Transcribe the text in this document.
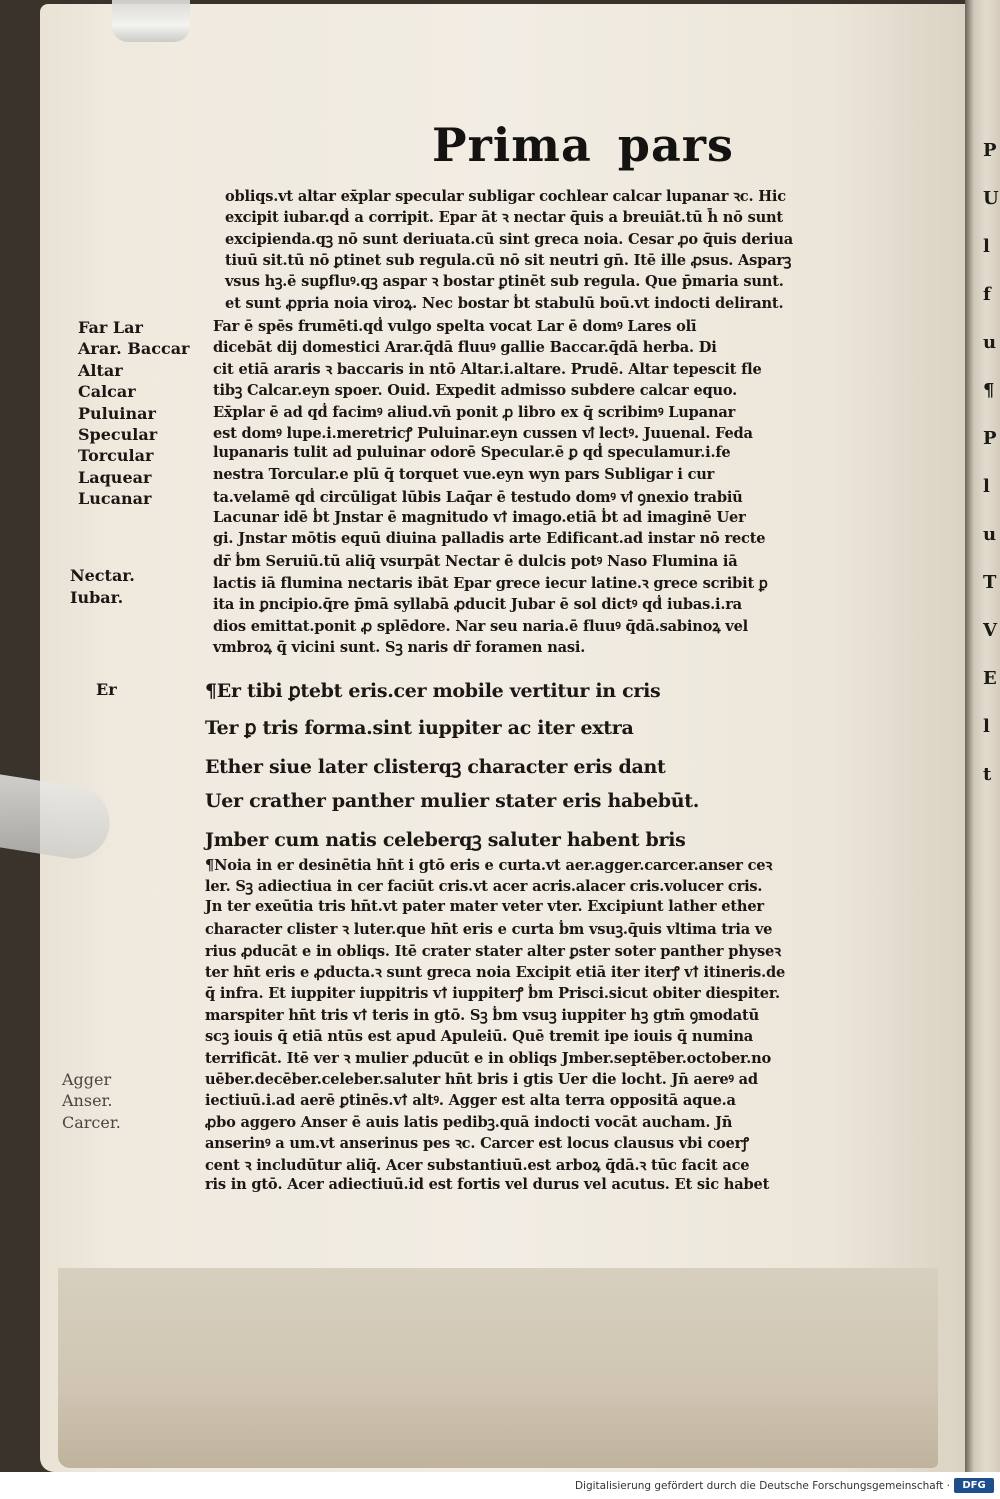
P
U
l
f
u
¶
P
l
u
T
V
E
l
t
Prima pars
obliqs.vt altar ex̄plar specular subligar cochlear calcar lupanar ꝛc. Hic
excipit iubar.qḋ a corripit. Epar āt ꝛ nectar q̄uis a breuiāt.tū h̄ nō sunt
excipienda.qꝫ nō sunt deriuata.cū sint greca noia. Cesar ꝓo q̄uis deriua
tiuū sit.tū nō ꝑtinet sub regula.cū nō sit neutri gn̄. Itē ille ꝓsus. Asparꝫ
vsus hꝫ.ē suꝑfluꝰ.qꝫ aspar ꝛ bostar ꝑtinēt sub regula. Que p̄maria sunt.
et sunt ꝓpria noia viroꝝ. Nec bostar ḃt stabulū boū.vt indocti delirant.
Far ē spēs frumēti.qḋ vulgo spelta vocat Lar ē domꝰ Lares olī
dicebāt dij domestici Arar.q̄dā fluuꝰ gallie Baccar.q̄dā herba. Di
cit etiā araris ꝛ baccaris in ntō Altar.i.altare. Prudē. Altar tepescit fle
tibꝫ Calcar.eyn spoer. Ouid. Expedit admisso subdere calcar equo.
Ex̄plar ē ad qḋ facimꝰ aliud.vn̄ ponit ꝓ libro ex q̄ scribimꝰ Lupanar
est domꝰ lupe.i.meretricꝭ Puluinar.eyn cussen vꝉ lectꝰ. Juuenal. Feda
lupanaris tulit ad puluinar odorē Specular.ē ꝑ qḋ speculamur.i.fe
nestra Torcular.e plū q̄ torquet vue.eyn wyn pars Subligar i cur
ta.velamē qḋ circūligat lūbis Laq̄ar ē testudo domꝰ vꝉ ꝯnexio trabiū
Lacunar idē ḃt Jnstar ē magnitudo vꝉ imago.etiā ḃt ad imaginē Uer
gi. Jnstar mōtis equū diuina palladis arte Edificant.ad instar nō recte
dr̄ ḃm Seruiū.tū aliq̄ vsurpāt Nectar ē dulcis potꝰ Naso Flumina iā
lactis iā flumina nectaris ibāt Epar grece iecur latine.ꝛ grece scribit ꝑ
ita in ꝑncipio.q̄re p̄mā syllabā ꝓducit Jubar ē sol dictꝰ qḋ iubas.i.ra
dios emittat.ponit ꝓ splēdore. Nar seu naria.ē fluuꝰ q̄dā.sabinoꝝ vel
vmbroꝝ q̄ vicini sunt. Sꝫ naris dr̄ foramen nasi.
¶Er tibi ꝑtebt eris.cer mobile vertitur in cris
Ter ꝑ tris forma.sint iuppiter ac iter extra
Ether siue later clisterqꝫ character eris dant
Uer crather panther mulier stater eris habebūt.
Jmber cum natis celeberqꝫ saluter habent bris
¶Noia in er desinētia hn̄t i gtō eris e curta.vt aer.agger.carcer.anser ceꝛ
ler. Sꝫ adiectiua in cer faciūt cris.vt acer acris.alacer cris.volucer cris.
Jn ter exeūtia tris hn̄t.vt pater mater veter vter. Excipiunt lather ether
character clister ꝛ luter.que hn̄t eris e curta ḃm vsuꝫ.q̄uis vltima tria ve
rius ꝓducāt e in obliqs. Itē crater stater alter ꝑster soter panther physeꝛ
ter hn̄t eris e ꝓducta.ꝛ sunt greca noia Excipit etiā iter iterꝭ vꝉ itineris.de
q̄ infra. Et iuppiter iuppitris vꝉ iuppiterꝭ ḃm Prisci.sicut obiter diespiter.
marspiter hn̄t tris vꝉ teris in gtō. Sꝫ ḃm vsuꝫ iuppiter hꝫ gtm̄ ꝯmodatū
scꝫ iouis q̄ etiā ntūs est apud Apuleiū. Quē tremit ipe iouis q̄ numina
terrificāt. Itē ver ꝛ mulier ꝓducūt e in obliqs Jmber.septēber.october.no
uēber.decēber.celeber.saluter hn̄t bris i gtis Uer die locht. Jn̄ aereꝰ ad
iectiuū.i.ad aerē ꝑtinēs.vꝉ altꝰ. Agger est alta terra oppositā aque.a
ꝓbo aggero Anser ē auis latis pedibꝫ.quā indocti vocāt aucham. Jn̄
anserinꝰ a um.vt anserinus pes ꝛc. Carcer est locus clausus vbi coerꝭ
cent ꝛ includūtur aliq̄. Acer substantiuū.est arboꝝ q̄dā.ꝛ tūc facit ace
ris in gtō. Acer adiectiuū.id est fortis vel durus vel acutus. Et sic habet
Far Lar
Arar. Baccar
Altar
Calcar
Puluinar
Specular
Torcular
Laquear
Lucanar
Nectar.
Iubar.
Er
Agger
Anser.
Carcer.
Digitalisierung gefördert durch die Deutsche Forschungsgemeinschaft ·	DFG
